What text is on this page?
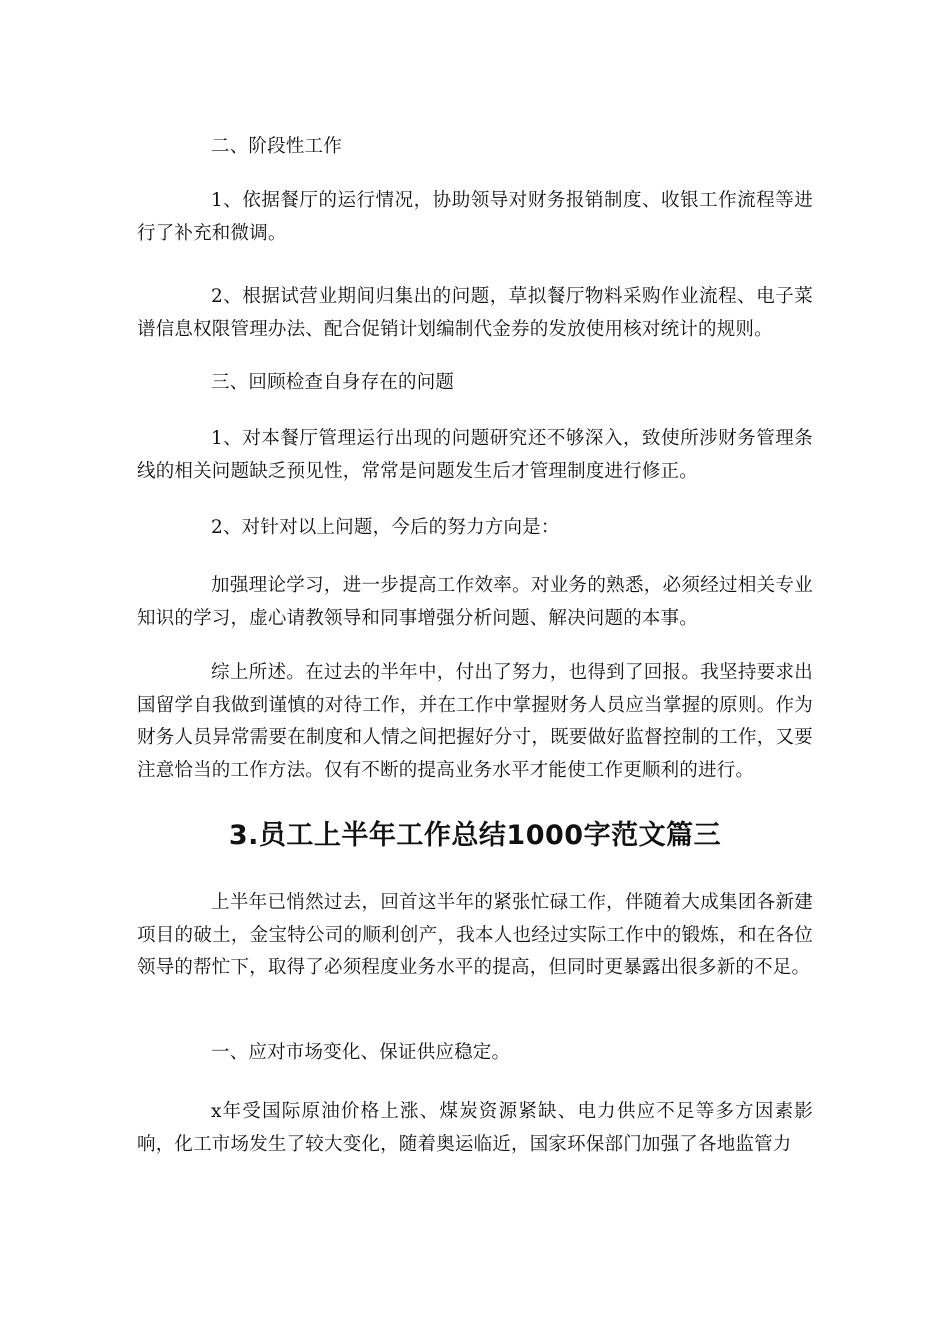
二、阶段性工作

1、依据餐厅的运行情况，协助领导对财务报销制度、收银工作流程等进行了补充和微调。

2、根据试营业期间归集出的问题，草拟餐厅物料采购作业流程、电子菜谱信息权限管理办法、配合促销计划编制代金券的发放使用核对统计的规则。

三、回顾检查自身存在的问题

1、对本餐厅管理运行出现的问题研究还不够深入，致使所涉财务管理条线的相关问题缺乏预见性，常常是问题发生后才管理制度进行修正。

2、对针对以上问题，今后的努力方向是：

加强理论学习，进一步提高工作效率。对业务的熟悉，必须经过相关专业知识的学习，虚心请教领导和同事增强分析问题、解决问题的本事。

综上所述。在过去的半年中，付出了努力，也得到了回报。我坚持要求出国留学自我做到谨慎的对待工作，并在工作中掌握财务人员应当掌握的原则。作为财务人员异常需要在制度和人情之间把握好分寸，既要做好监督控制的工作，又要注意恰当的工作方法。仅有不断的提高业务水平才能使工作更顺利的进行。

3.员工上半年工作总结1000字范文篇三

上半年已悄然过去，回首这半年的紧张忙碌工作，伴随着大成集团各新建项目的破土，金宝特公司的顺利创产，我本人也经过实际工作中的锻炼，和在各位领导的帮忙下，取得了必须程度业务水平的提高，但同时更暴露出很多新的不足。

一、应对市场变化、保证供应稳定。

x年受国际原油价格上涨、煤炭资源紧缺、电力供应不足等多方因素影响，化工市场发生了较大变化，随着奥运临近，国家环保部门加强了各地监管力
